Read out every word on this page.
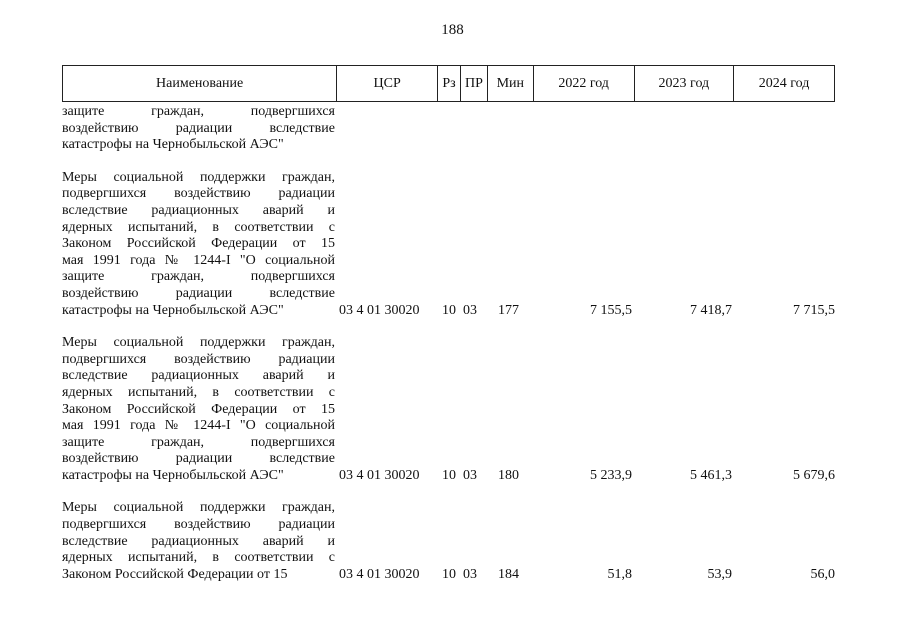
188
Наименование	ЦСР	Рз ПР Мин	2022 год	2023 год	2024 год
защите граждан, подвергшихся
воздействию радиации вследствие
катастрофы на Чернобыльской АЭС"
Меры социальной поддержки граждан,
подвергшихся воздействию радиации
вследствие радиационных аварий и
ядерных испытаний, в соответствии с
Законом Российской Федерации от 15
мая 1991 года № 1244-I "О социальной
защите граждан, подвергшихся
воздействию радиации вследствие
катастрофы на Чернобыльской АЭС"	03 4 01 30020 10 03 177	7 155,5	7 418,7	7 715,5
Меры социальной поддержки граждан,
подвергшихся воздействию радиации
вследствие радиационных аварий и
ядерных испытаний, в соответствии с
Законом Российской Федерации от 15
мая 1991 года № 1244-I "О социальной
защите граждан, подвергшихся
воздействию радиации вследствие
катастрофы на Чернобыльской АЭС"	03 4 01 30020 10 03 180	5 233,9	5 461,3	5 679,6
Меры социальной поддержки граждан,
подвергшихся воздействию радиации
вследствие радиационных аварий и
ядерных испытаний, в соответствии с
Законом Российской Федерации от 15	03 4 01 30020 10 03 184	51,8	53,9	56,0
